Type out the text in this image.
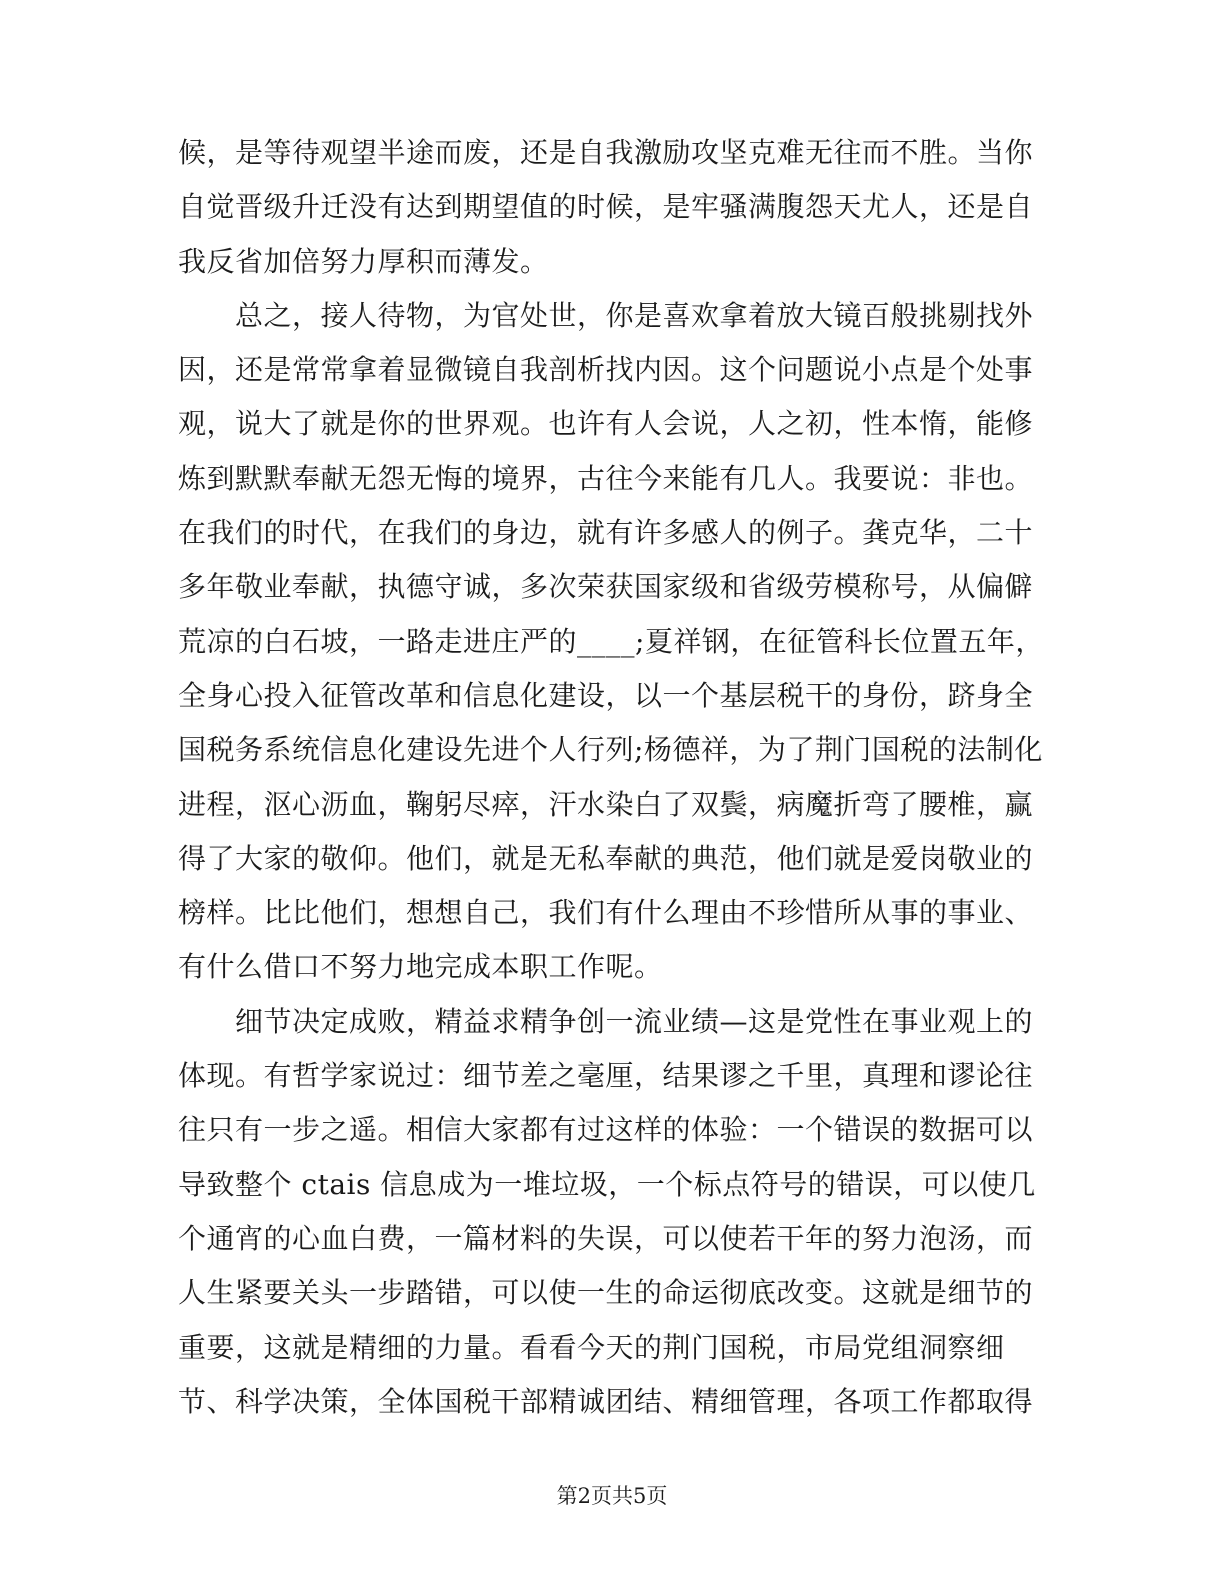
候，是等待观望半途而废，还是自我激励攻坚克难无往而不胜。当你
自觉晋级升迁没有达到期望值的时候，是牢骚满腹怨天尤人，还是自
我反省加倍努力厚积而薄发。

　　总之，接人待物，为官处世，你是喜欢拿着放大镜百般挑剔找外
因，还是常常拿着显微镜自我剖析找内因。这个问题说小点是个处事
观，说大了就是你的世界观。也许有人会说，人之初，性本惰，能修
炼到默默奉献无怨无悔的境界，古往今来能有几人。我要说：非也。
在我们的时代，在我们的身边，就有许多感人的例子。龚克华，二十
多年敬业奉献，执德守诚，多次荣获国家级和省级劳模称号，从偏僻
荒凉的白石坡，一路走进庄严的____;夏祥钢，在征管科长位置五年，
全身心投入征管改革和信息化建设，以一个基层税干的身份，跻身全
国税务系统信息化建设先进个人行列;杨德祥，为了荆门国税的法制化
进程，沤心沥血，鞠躬尽瘁，汗水染白了双鬓，病魔折弯了腰椎，赢
得了大家的敬仰。他们，就是无私奉献的典范，他们就是爱岗敬业的
榜样。比比他们，想想自己，我们有什么理由不珍惜所从事的事业、
有什么借口不努力地完成本职工作呢。

　　细节决定成败，精益求精争创一流业绩—这是党性在事业观上的
体现。有哲学家说过：细节差之毫厘，结果谬之千里，真理和谬论往
往只有一步之遥。相信大家都有过这样的体验：一个错误的数据可以
导致整个 ctais 信息成为一堆垃圾，一个标点符号的错误，可以使几
个通宵的心血白费，一篇材料的失误，可以使若干年的努力泡汤，而
人生紧要关头一步踏错，可以使一生的命运彻底改变。这就是细节的
重要，这就是精细的力量。看看今天的荆门国税，市局党组洞察细
节、科学决策，全体国税干部精诚团结、精细管理，各项工作都取得

第2页共5页
